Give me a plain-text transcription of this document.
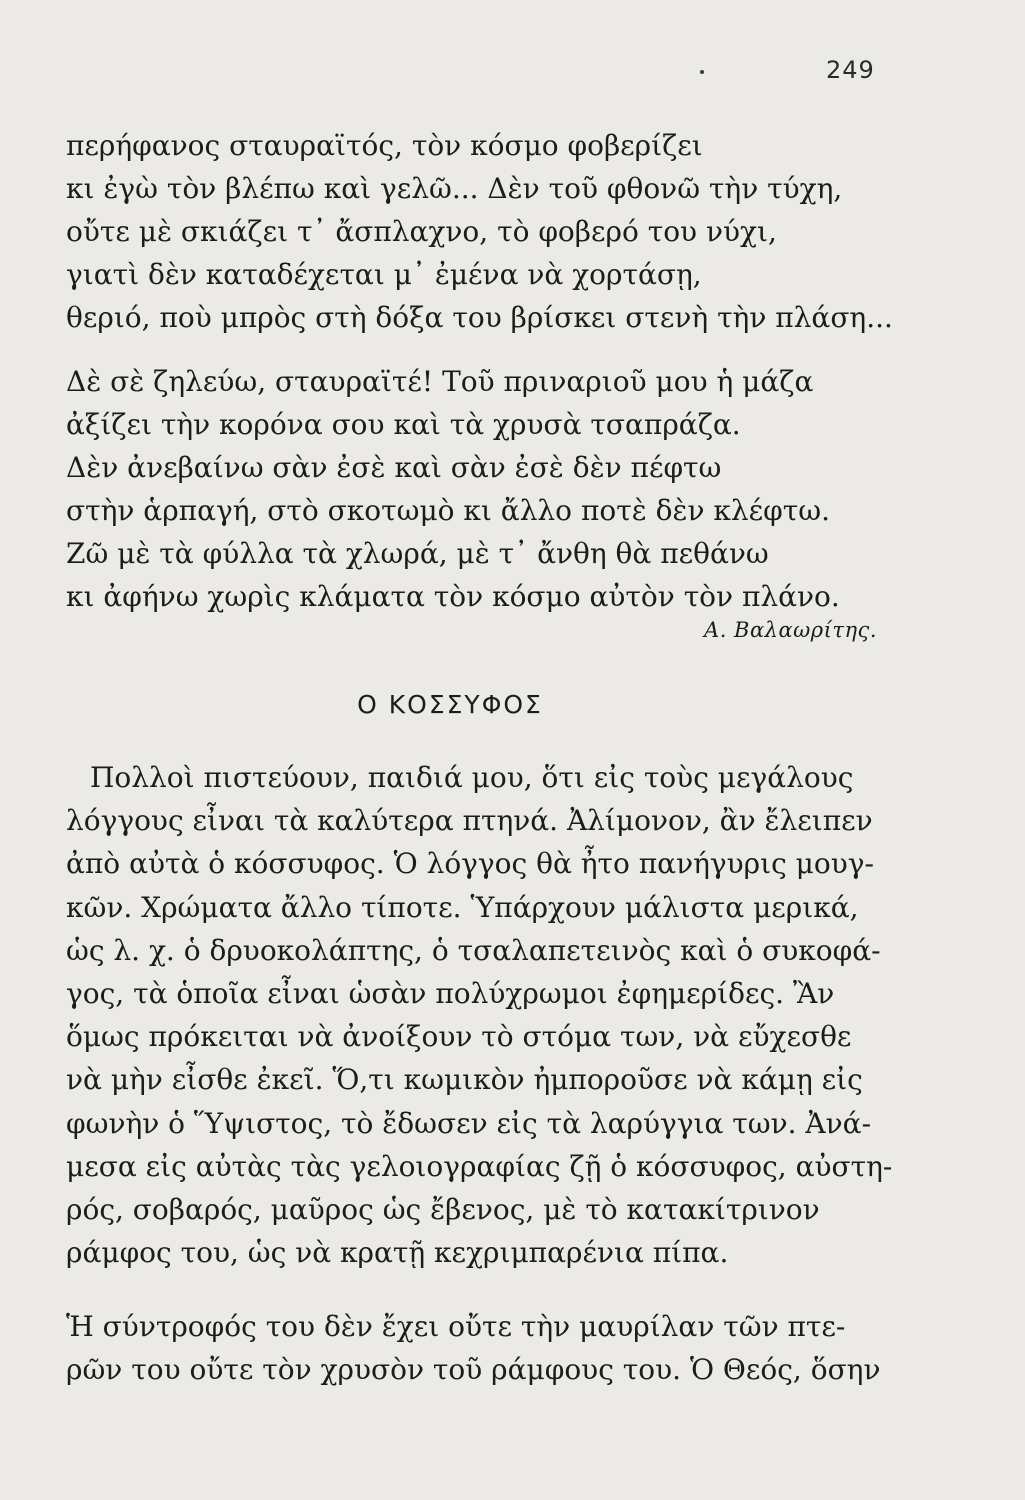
249
περήφανος σταυραϊτός, τὸν κόσμο φοβερίζει
κι ἐγὼ τὸν βλέπω καὶ γελῶ... Δὲν τοῦ φθονῶ τὴν τύχη,
οὔτε μὲ σκιάζει τ᾽ ἄσπλαχνο, τὸ φοβερό του νύχι,
γιατὶ δὲν καταδέχεται μ᾽ ἐμένα νὰ χορτάσῃ,
θεριό, ποὺ μπρὸς στὴ δόξα του βρίσκει στενὴ τὴν πλάση...
Δὲ σὲ ζηλεύω, σταυραϊτέ! Τοῦ πριναριοῦ μου ἡ μάζα
ἀξίζει τὴν κορόνα σου καὶ τὰ χρυσὰ τσαπράζα.
Δὲν ἀνεβαίνω σὰν ἐσὲ καὶ σὰν ἐσὲ δὲν πέφτω
στὴν ἁρπαγή, στὸ σκοτωμὸ κι ἄλλο ποτὲ δὲν κλέφτω.
Ζῶ μὲ τὰ φύλλα τὰ χλωρά, μὲ τ᾽ ἄνθη θὰ πεθάνω
κι ἀφήνω χωρὶς κλάματα τὸν κόσμο αὐτὸν τὸν πλάνο.
Α. Βαλαωρίτης.
Ο ΚΟΣΣΥΦΟΣ
Πολλοὶ πιστεύουν, παιδιά μου, ὅτι εἰς τοὺς μεγάλους
λόγγους εἶναι τὰ καλύτερα πτηνά. Ἀλίμονον, ἂν ἔλειπεν
ἀπὸ αὐτὰ ὁ κόσσυφος. Ὁ λόγγος θὰ ἦτο πανήγυρις μουγ-
κῶν. Χρώματα ἄλλο τίποτε. Ὑπάρχουν μάλιστα μερικά,
ὡς λ. χ. ὁ δρυοκολάπτης, ὁ τσαλαπετεινὸς καὶ ὁ συκοφά-
γος, τὰ ὁποῖα εἶναι ὡσὰν πολύχρωμοι ἐφημερίδες. Ἂν
ὅμως πρόκειται νὰ ἀνοίξουν τὸ στόμα των, νὰ εὔχεσθε
νὰ μὴν εἶσθε ἐκεῖ. Ὅ,τι κωμικὸν ἠμποροῦσε νὰ κάμῃ εἰς
φωνὴν ὁ Ὕψιστος, τὸ ἔδωσεν εἰς τὰ λαρύγγια των. Ἀνά-
μεσα εἰς αὐτὰς τὰς γελοιογραφίας ζῇ ὁ κόσσυφος, αὐστη-
ρός, σοβαρός, μαῦρος ὡς ἔβενος, μὲ τὸ κατακίτρινον
ράμφος του, ὡς νὰ κρατῇ κεχριμπαρένια πίπα.
Ἡ σύντροφός του δὲν ἔχει οὔτε τὴν μαυρίλαν τῶν πτε-
ρῶν του οὔτε τὸν χρυσὸν τοῦ ράμφους του. Ὁ Θεός, ὅσην
